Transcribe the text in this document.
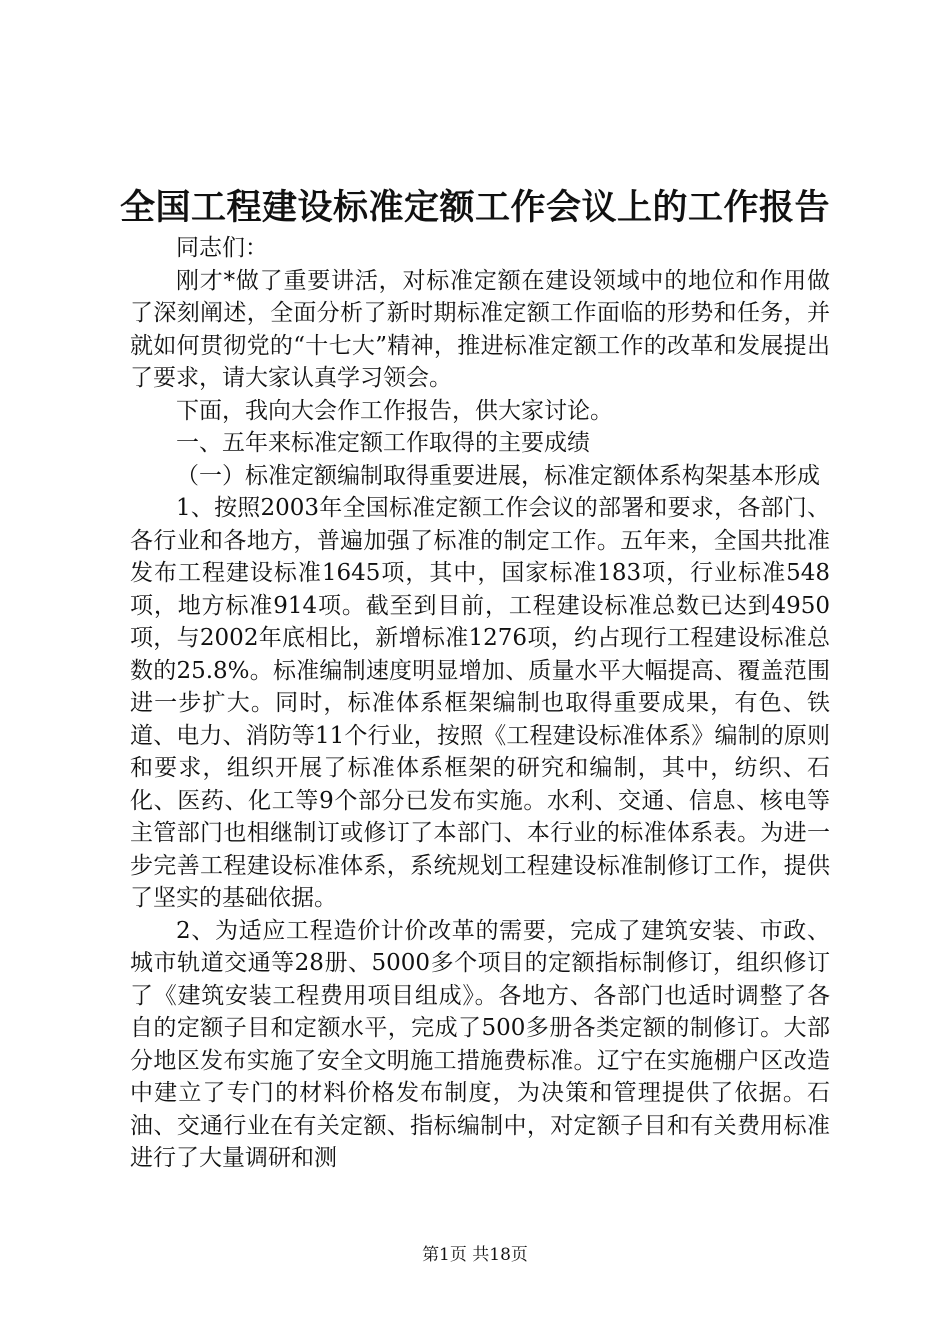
全国工程建设标准定额工作会议上的工作报告

同志们：

刚才*做了重要讲活，对标准定额在建设领域中的地位和作用做了深刻阐述，全面分析了新时期标准定额工作面临的形势和任务，并就如何贯彻党的“十七大”精神，推进标准定额工作的改革和发展提出了要求，请大家认真学习领会。

下面，我向大会作工作报告，供大家讨论。

一、五年来标准定额工作取得的主要成绩

（一）标准定额编制取得重要进展，标准定额体系构架基本形成

1、按照2003年全国标准定额工作会议的部署和要求，各部门、各行业和各地方，普遍加强了标准的制定工作。五年来，全国共批准发布工程建设标准1645项，其中，国家标准183项，行业标准548项，地方标准914项。截至到目前，工程建设标准总数已达到4950项，与2002年底相比，新增标准1276项，约占现行工程建设标准总数的25.8%。标准编制速度明显增加、质量水平大幅提高、覆盖范围进一步扩大。同时，标准体系框架编制也取得重要成果，有色、铁道、电力、消防等11个行业，按照《工程建设标准体系》编制的原则和要求，组织开展了标准体系框架的研究和编制，其中，纺织、石化、医药、化工等9个部分已发布实施。水利、交通、信息、核电等主管部门也相继制订或修订了本部门、本行业的标准体系表。为进一步完善工程建设标准体系，系统规划工程建设标准制修订工作，提供了坚实的基础依据。

2、为适应工程造价计价改革的需要，完成了建筑安装、市政、城市轨道交通等28册、5000多个项目的定额指标制修订，组织修订了《建筑安装工程费用项目组成》。各地方、各部门也适时调整了各自的定额子目和定额水平，完成了500多册各类定额的制修订。大部分地区发布实施了安全文明施工措施费标准。辽宁在实施棚户区改造中建立了专门的材料价格发布制度，为决策和管理提供了依据。石油、交通行业在有关定额、指标编制中，对定额子目和有关费用标准进行了大量调研和测

第1页 共18页
